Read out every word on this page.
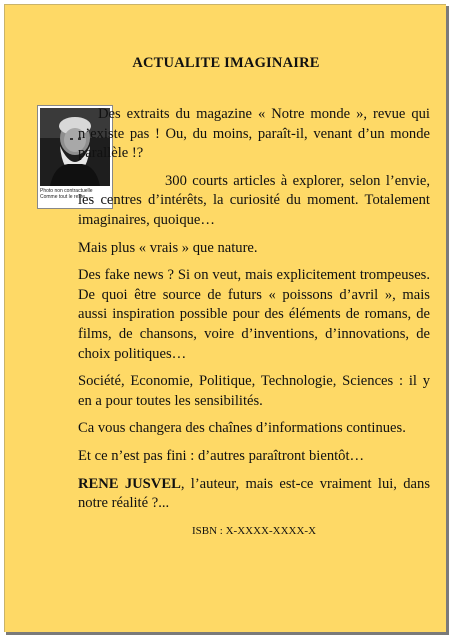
ACTUALITE IMAGINAIRE
Photo non contractuelle
Comme tout le reste…

Des extraits du magazine « Notre monde », revue qui n’existe pas ! Ou, du moins, paraît-il, venant d’un monde parallèle !?

300 courts articles à explorer, selon l’envie, les centres d’intérêts, la curiosité du moment. Totalement imaginaires, quoique…

Mais plus « vrais » que nature.

Des fake news ? Si on veut, mais explicitement trompeuses. De quoi être source de futurs « poissons d’avril », mais aussi inspiration possible pour des éléments de romans, de films, de chansons, voire d’inventions, d’innovations, de choix politiques…

Société, Economie, Politique, Technologie, Sciences : il y en a pour toutes les sensibilités.

Ca vous changera des chaînes d’informations continues.

Et ce n’est pas fini : d’autres paraîtront bientôt…

RENE JUSVEL, l’auteur, mais est-ce vraiment lui, dans notre réalité ?...

ISBN : X-XXXX-XXXX-X
